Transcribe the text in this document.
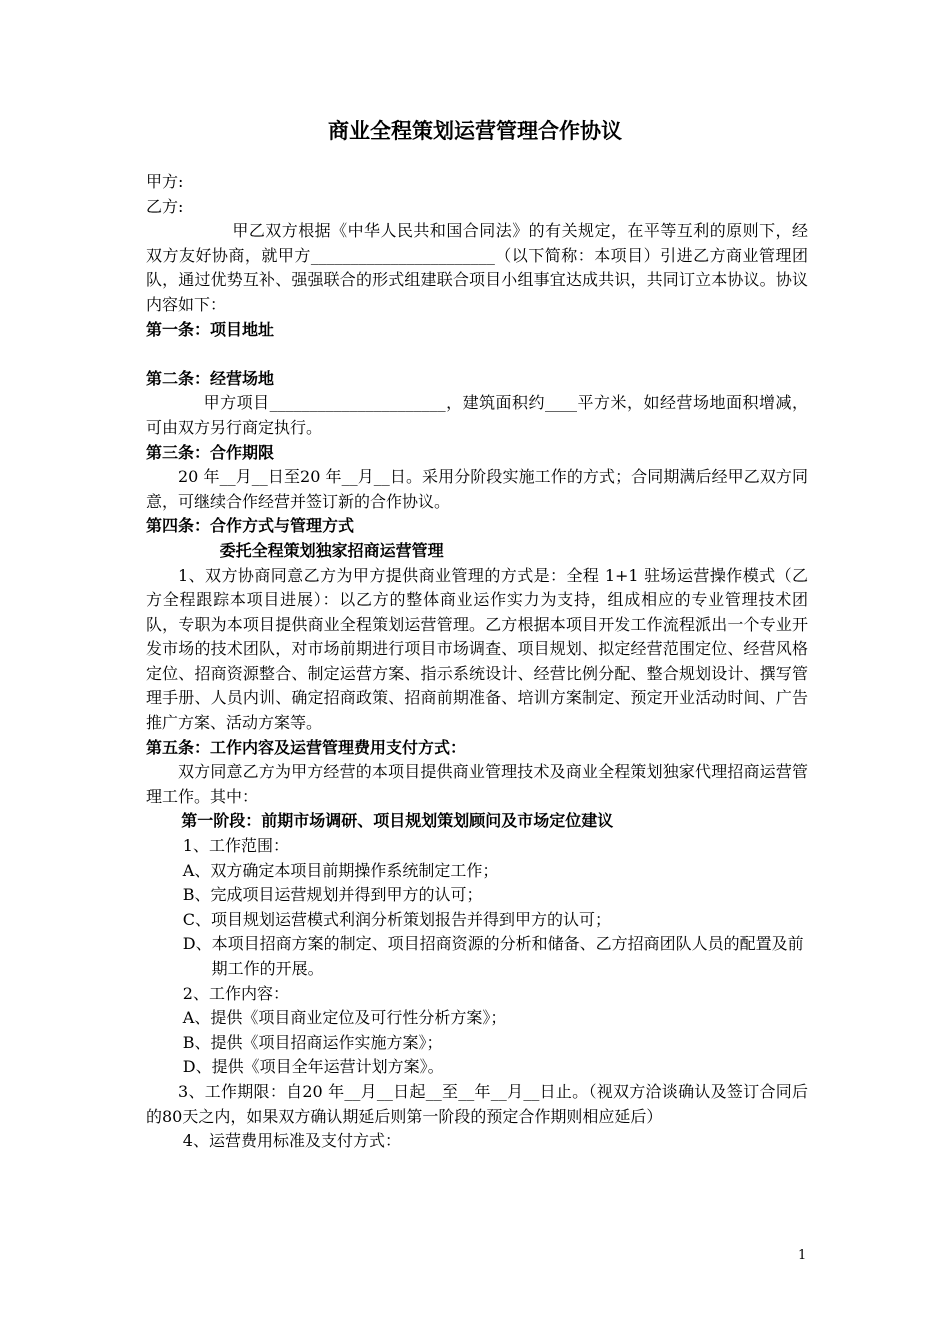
商业全程策划运营管理合作协议

甲方:

乙方:

甲乙双方根据《中华人民共和国合同法》的有关规定，在平等互利的原则下，经双方友好协商，就甲方_______________________（以下简称：本项目）引进乙方商业管理团队，通过优势互补、强强联合的形式组建联合项目小组事宜达成共识，共同订立本协议。协议内容如下：

第一条：项目地址

第二条：经营场地

甲方项目______________________，建筑面积约____平方米，如经营场地面积增减，可由双方另行商定执行。

第三条：合作期限

20 年__月__日至20 年__月__日。采用分阶段实施工作的方式；合同期满后经甲乙双方同意，可继续合作经营并签订新的合作协议。

第四条：合作方式与管理方式

委托全程策划独家招商运营管理

1、双方协商同意乙方为甲方提供商业管理的方式是：全程 1+1 驻场运营操作模式（乙方全程跟踪本项目进展）：以乙方的整体商业运作实力为支持，组成相应的专业管理技术团队，专职为本项目提供商业全程策划运营管理。乙方根据本项目开发工作流程派出一个专业开发市场的技术团队，对市场前期进行项目市场调查、项目规划、拟定经营范围定位、经营风格定位、招商资源整合、制定运营方案、指示系统设计、经营比例分配、整合规划设计、撰写管理手册、人员内训、确定招商政策、招商前期准备、培训方案制定、预定开业活动时间、广告推广方案、活动方案等。

第五条：工作内容及运营管理费用支付方式：

双方同意乙方为甲方经营的本项目提供商业管理技术及商业全程策划独家代理招商运营管理工作。其中：

第一阶段：前期市场调研、项目规划策划顾问及市场定位建议

1、工作范围：

A、双方确定本项目前期操作系统制定工作；

B、完成项目运营规划并得到甲方的认可；

C、项目规划运营模式利润分析策划报告并得到甲方的认可；

D、本项目招商方案的制定、项目招商资源的分析和储备、乙方招商团队人员的配置及前期工作的开展。

2、工作内容：

A、提供《项目商业定位及可行性分析方案》；

B、提供《项目招商运作实施方案》；

D、提供《项目全年运营计划方案》。

3、工作期限：自20 年__月__日起__至__年__月__日止。（视双方洽谈确认及签订合同后的80天之内，如果双方确认期延后则第一阶段的预定合作期则相应延后）

4、运营费用标准及支付方式：

1
